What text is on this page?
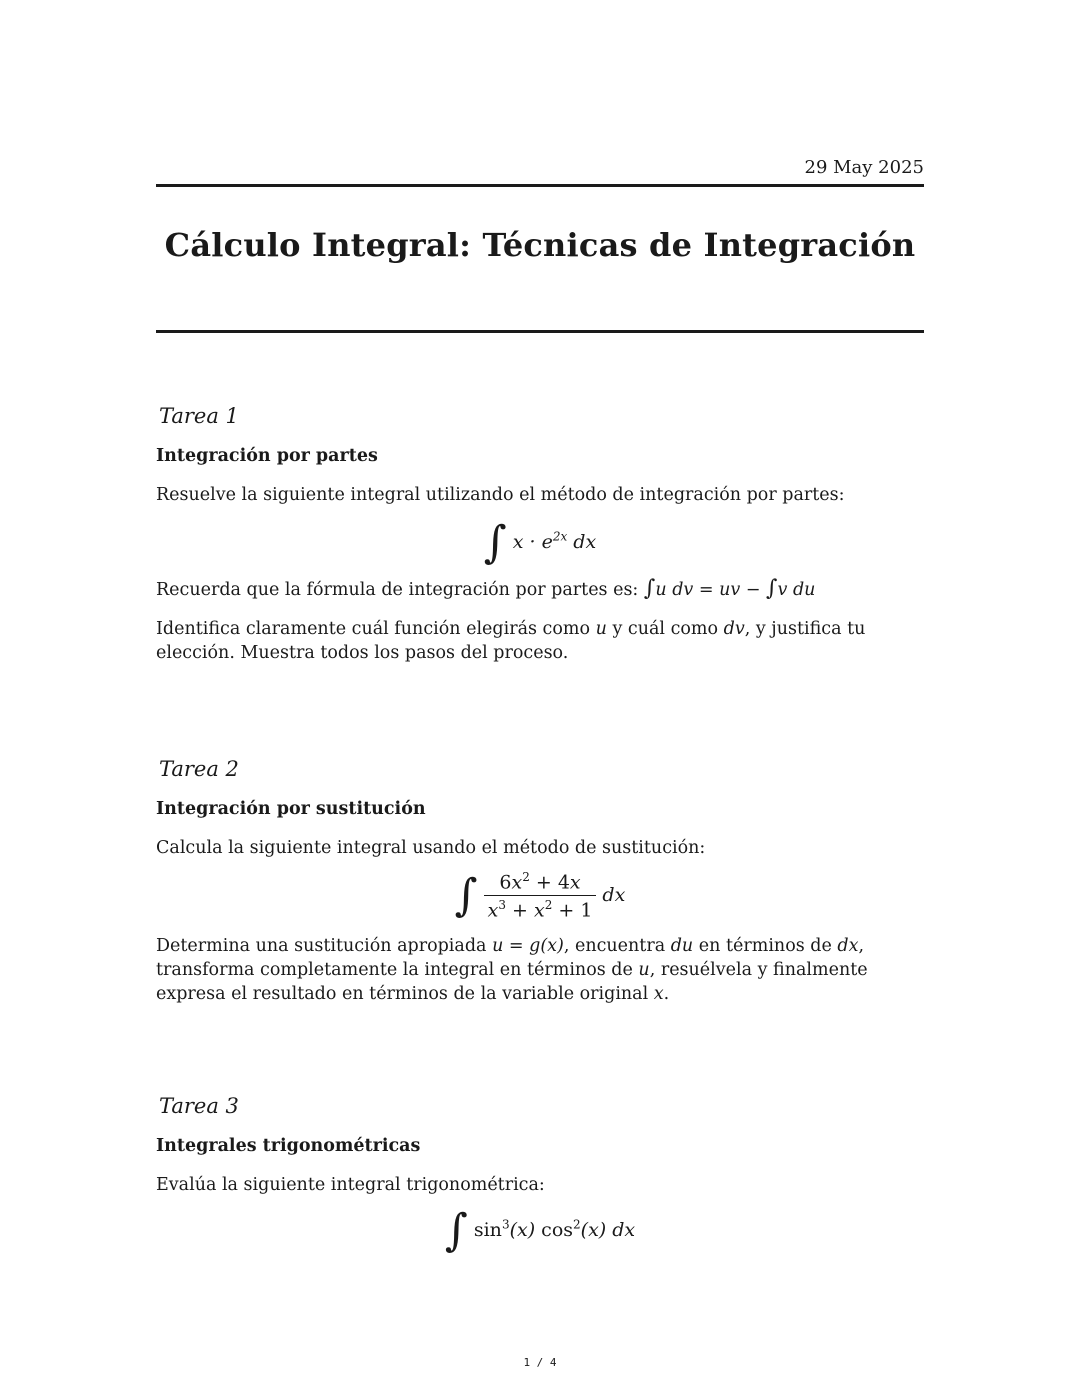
29 May 2025
Cálculo Integral: Técnicas de Integración
Tarea 1
Integración por partes
Resuelve la siguiente integral utilizando el método de integración por partes:
∫ $x \cdot e^{2x}$ dx
Recuerda que la fórmula de integración por partes es: ∫u dv = uv − ∫v du
Identifica claramente cuál función elegirás como u y cuál como dv, y justifica tu elección. Muestra todos los pasos del proceso.
Tarea 2
Integración por sustitución
Calcula la siguiente integral usando el método de sustitución:
∫ $\frac{6x^2 + 4x}{x^3 + x^2 + 1}$ dx
Determina una sustitución apropiada u = g(x), encuentra du en términos de dx, transforma completamente la integral en términos de u, resuélvela y finalmente expresa el resultado en términos de la variable original x.
Tarea 3
Integrales trigonométricas
Evalúa la siguiente integral trigonométrica:
∫ $\sin^3(x)$ $\cos^2(x)$ dx
1 / 4
